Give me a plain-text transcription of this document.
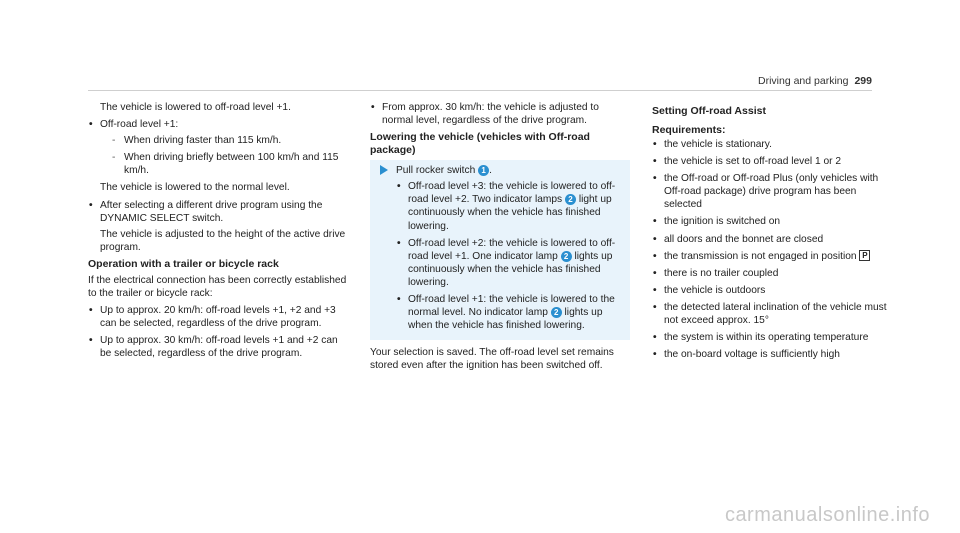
Driving and parking 299

The vehicle is lowered to off-road level +1.

• Off-road level +1:
- When driving faster than 115 km/h.
- When driving briefly between 100 km/h and 115 km/h.

The vehicle is lowered to the normal level.

• After selecting a different drive program using the DYNAMIC SELECT switch.

The vehicle is adjusted to the height of the active drive program.

Operation with a trailer or bicycle rack

If the electrical connection has been correctly established to the trailer or bicycle rack:

• Up to approx. 20 km/h: off-road levels +1, +2 and +3 can be selected, regardless of the drive program.
• Up to approx. 30 km/h: off-road levels +1 and +2 can be selected, regardless of the drive program.
• From approx. 30 km/h: the vehicle is adjusted to normal level, regardless of the drive program.
Lowering the vehicle (vehicles with Off-road package)
Pull rocker switch 1 .
• Off-road level +3: the vehicle is lowered to off-road level +2. Two indicator lamps 2 light up continuously when the vehicle has finished lowering.
• Off-road level +2: the vehicle is lowered to off-road level +1. One indicator lamp 2 lights up continuously when the vehicle has finished lowering.
• Off-road level +1: the vehicle is lowered to the normal level. No indicator lamp 2 lights up when the vehicle has finished lowering.

Your selection is saved. The off-road level set remains stored even after the ignition has been switched off.

Setting Off-road Assist
Requirements:
• the vehicle is stationary.
• the vehicle is set to off-road level 1 or 2
• the Off-road or Off-road Plus (only vehicles with Off-road package) drive program has been selected
• the ignition is switched on
• all doors and the bonnet are closed
• the transmission is not engaged in position P
• there is no trailer coupled
• the vehicle is outdoors
• the detected lateral inclination of the vehicle must not exceed approx. 15°
• the system is within its operating temperature
• the on-board voltage is sufficiently high
carmanualsonline.info
